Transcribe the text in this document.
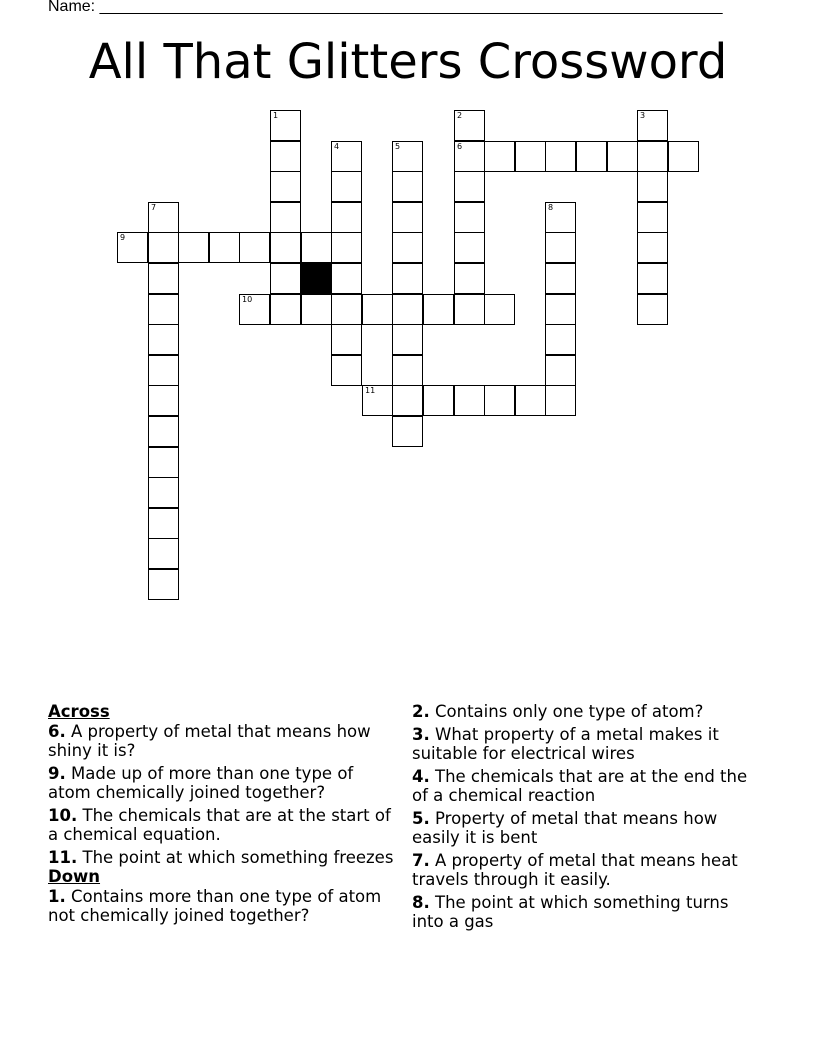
Name: ______________________________________________________________________
All That Glitters Crossword
1	2
6
3
4	5
7	8
9
10
11
Across
6. A property of metal that means how shiny it is?
9. Made up of more than one type of atom chemically joined together?
10. The chemicals that are at the start of a chemical equation.
11. The point at which something freezes
Down
1. Contains more than one type of atom not chemically joined together?
2. Contains only one type of atom?
3. What property of a metal makes it suitable for electrical wires
4. The chemicals that are at the end the of a chemical reaction
5. Property of metal that means how easily it is bent
7. A property of metal that means heat travels through it easily.
8. The point at which something turns into a gas
